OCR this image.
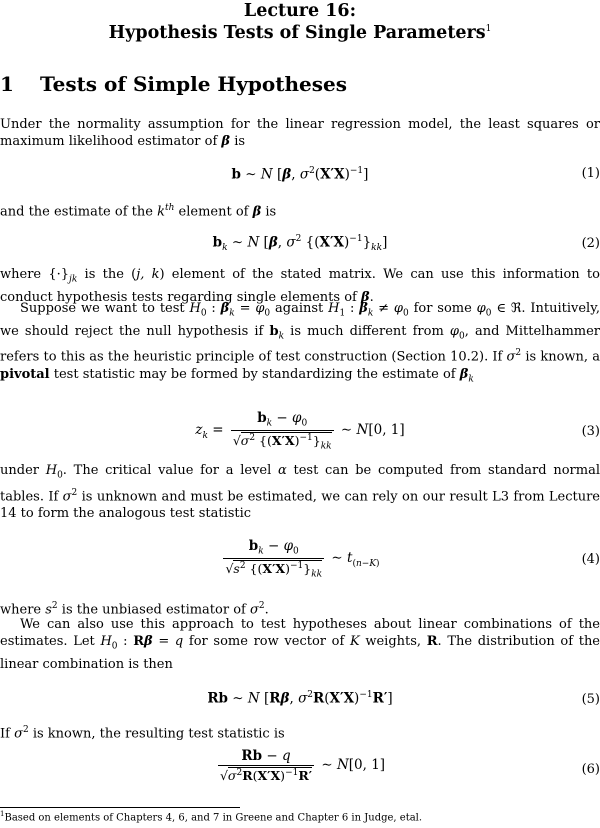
Lecture 16:
Hypothesis Tests of Single Parameters$^1$
1 Tests of Simple Hypotheses
Under the normality assumption for the linear regression model, the least squares or maximum likelihood estimator of β is
b ∼ N [β, $\sigma^2(X'X)^{-1}$]	(1)
and the estimate of the $k^{th}$ element of β is
$b_k$ ∼ N [β, $\sigma^2$ $\{(X'X)^{-1}\}_{kk}$]	(2)
where $\{\cdot\}_{jk}$ is the (j, k) element of the stated matrix. We can use this information to conduct hypothesis tests regarding single elements of β.
Suppose we want to test $H_0$ : $\beta_k = \varphi_0$ against $H_1$ : $\beta_k \ne \varphi_0$ for some $\varphi_0$ ∈ ℜ. Intuitively, we should reject the null hypothesis if $b_k$ is much different from $\varphi_0$, and Mittelhammer refers to this as the heuristic principle of test construction (Section 10.2). If $\sigma^2$ is known, a pivotal test statistic may be formed by standardizing the estimate of $\beta_k$
$z_k = \frac{b_k - \varphi_0}{√\sigma^2 \{(X'X)^{-1}\}_{kk}}$ ∼ N[0, 1]	(3)
under $H_0$. The critical value for a level α test can be computed from standard normal tables. If $\sigma^2$ is unknown and must be estimated, we can rely on our result L3 from Lecture 14 to form the analogous test statistic
$\frac{b_k - \varphi_0}{√s^2 \{(X'X)^{-1}\}_{kk}}$ ∼ $t_{(n-K)}$	(4)
where $s^2$ is the unbiased estimator of $\sigma^2$.
We can also use this approach to test hypotheses about linear combinations of the estimates. Let $H_0$ : Rβ = q for some row vector of K weights, R. The distribution of the linear combination is then
Rb ∼ N [Rβ, $\sigma^2R(X'X)^{-1}R'$]	(5)
If $\sigma^2$ is known, the resulting test statistic is
$\frac{Rb - q}{√\sigma^2R(X'X)^{-1}R'}$ ∼ N[0, 1]	(6)
$^1$Based on elements of Chapters 4, 6, and 7 in Greene and Chapter 6 in Judge, etal.
